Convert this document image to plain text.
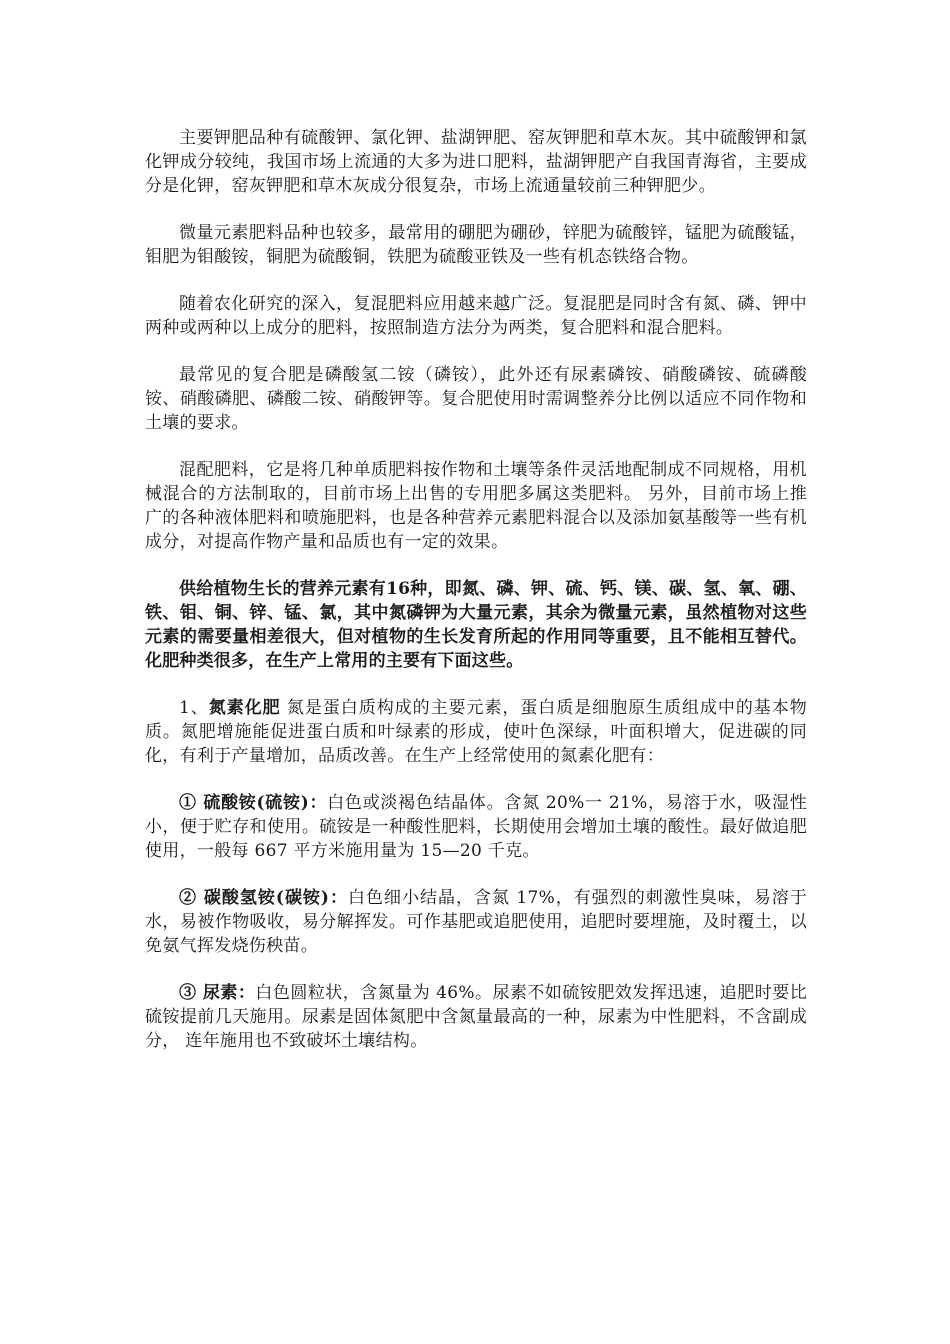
主要钾肥品种有硫酸钾、氯化钾、盐湖钾肥、窑灰钾肥和草木灰。其中硫酸钾和氯化钾成分较纯，我国市场上流通的大多为进口肥料，盐湖钾肥产自我国青海省，主要成分是化钾，窑灰钾肥和草木灰成分很复杂，市场上流通量较前三种钾肥少。

微量元素肥料品种也较多，最常用的硼肥为硼砂，锌肥为硫酸锌，锰肥为硫酸锰，钼肥为钼酸铵，铜肥为硫酸铜，铁肥为硫酸亚铁及一些有机态铁络合物。

随着农化研究的深入，复混肥料应用越来越广泛。复混肥是同时含有氮、磷、钾中两种或两种以上成分的肥料，按照制造方法分为两类，复合肥料和混合肥料。

最常见的复合肥是磷酸氢二铵（磷铵），此外还有尿素磷铵、硝酸磷铵、硫磷酸铵、硝酸磷肥、磷酸二铵、硝酸钾等。复合肥使用时需调整养分比例以适应不同作物和土壤的要求。

混配肥料，它是将几种单质肥料按作物和土壤等条件灵活地配制成不同规格，用机械混合的方法制取的，目前市场上出售的专用肥多属这类肥料。 另外，目前市场上推广的各种液体肥料和喷施肥料，也是各种营养元素肥料混合以及添加氨基酸等一些有机成分，对提高作物产量和品质也有一定的效果。

供给植物生长的营养元素有16种，即氮、磷、钾、硫、钙、镁、碳、氢、氧、硼、铁、钼、铜、锌、锰、氯，其中氮磷钾为大量元素，其余为微量元素，虽然植物对这些元素的需要量相差很大，但对植物的生长发育所起的作用同等重要，且不能相互替代。化肥种类很多，在生产上常用的主要有下面这些。

1、氮素化肥 氮是蛋白质构成的主要元素，蛋白质是细胞原生质组成中的基本物质。氮肥增施能促进蛋白质和叶绿素的形成，使叶色深绿，叶面积增大，促进碳的同化，有利于产量增加，品质改善。在生产上经常使用的氮素化肥有：

① 硫酸铵(硫铵)：白色或淡褐色结晶体。含氮 20%一 21%，易溶于水，吸湿性小，便于贮存和使用。硫铵是一种酸性肥料，长期使用会增加土壤的酸性。最好做追肥使用，一般每 667 平方米施用量为 15—20 千克。

② 碳酸氢铵(碳铵)：白色细小结晶，含氮 17%，有强烈的刺激性臭味，易溶于水，易被作物吸收，易分解挥发。可作基肥或追肥使用，追肥时要埋施，及时覆土，以免氨气挥发烧伤秧苗。

③ 尿素：白色圆粒状，含氮量为 46%。尿素不如硫铵肥效发挥迅速，追肥时要比硫铵提前几天施用。尿素是固体氮肥中含氮量最高的一种，尿素为中性肥料，不含副成分， 连年施用也不致破坏土壤结构。
